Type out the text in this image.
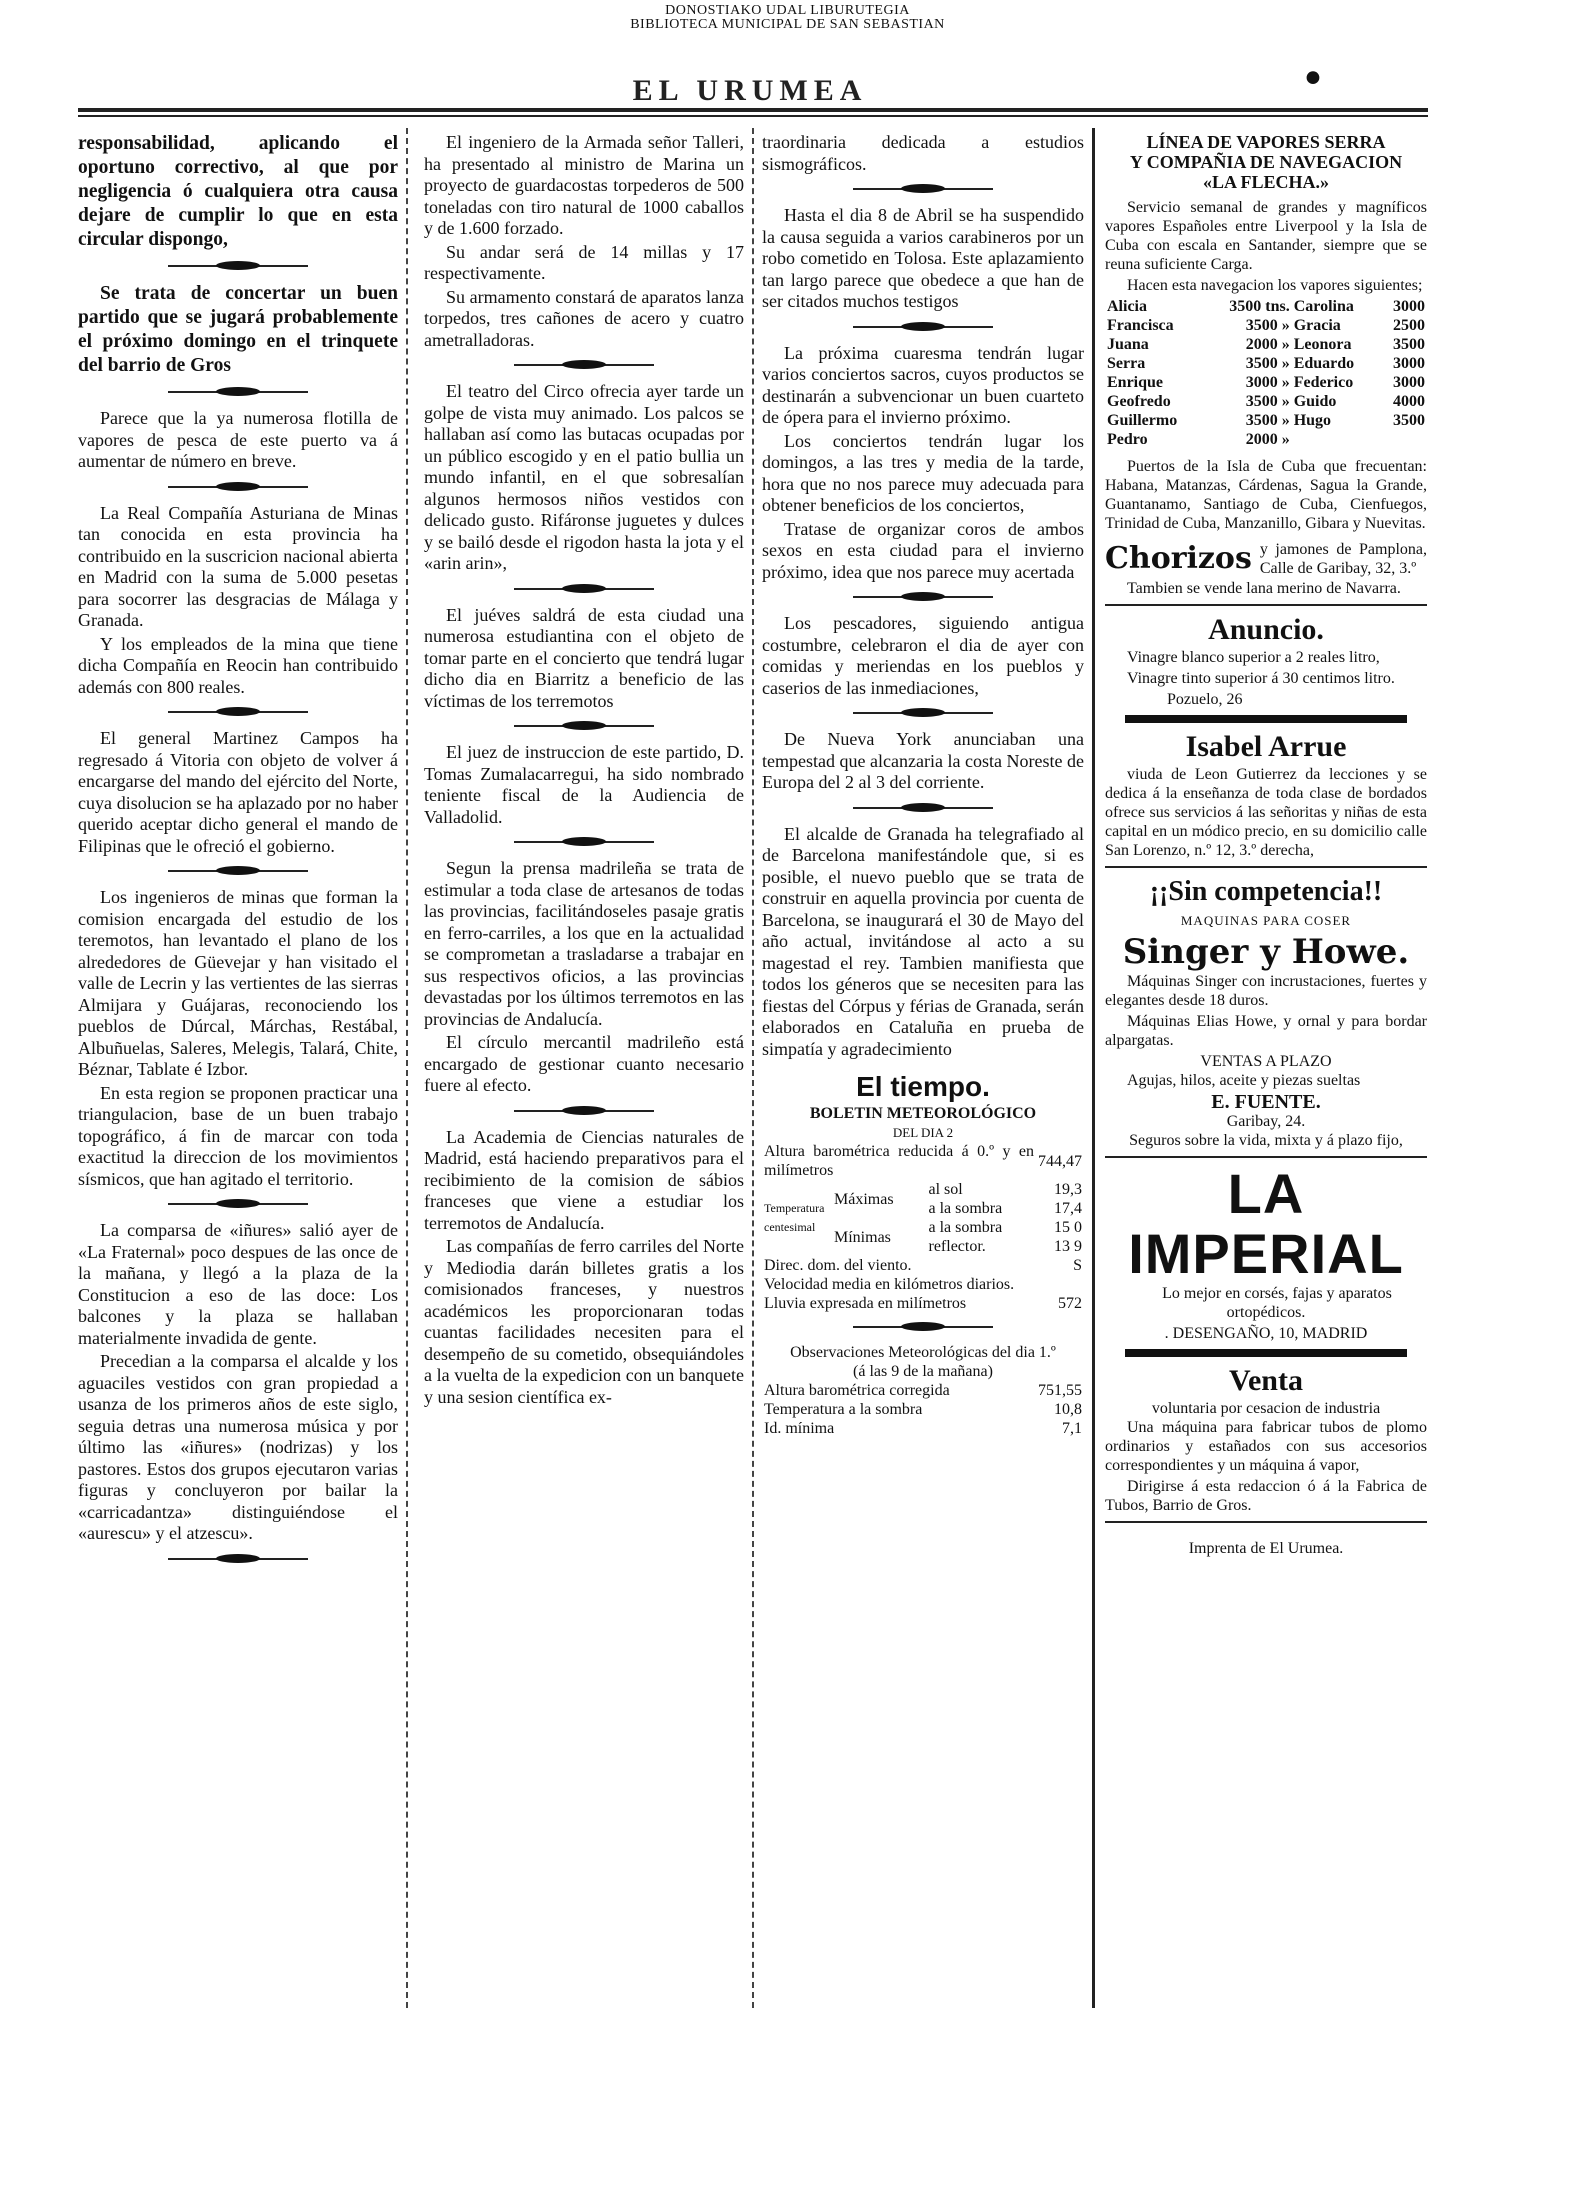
DONOSTIAKO UDAL LIBURUTEGIA
BIBLIOTECA MUNICIPAL DE SAN SEBASTIAN
EL URUMEA	•

responsabilidad, aplicando el oportuno correctivo, al que por negligencia ó cualquiera otra causa dejare de cumplir lo que en esta circular dispongo,

Se trata de concertar un buen partido que se jugará probablemente el próximo domingo en el trinquete del barrio de Gros

Parece que la ya numerosa flotilla de vapores de pesca de este puerto va á aumentar de número en breve.

La Real Compañía Asturiana de Minas tan conocida en esta provincia ha contribuido en la suscricion nacional abierta en Madrid con la suma de 5.000 pesetas para socorrer las desgracias de Málaga y Granada.

Y los empleados de la mina que tiene dicha Compañía en Reocin han contribuido además con 800 reales.

El general Martinez Campos ha regresado á Vitoria con objeto de volver á encargarse del mando del ejército del Norte, cuya disolucion se ha aplazado por no haber querido aceptar dicho general el mando de Filipinas que le ofreció el gobierno.

Los ingenieros de minas que forman la comision encargada del estudio de los teremotos, han levantado el plano de los alrededores de Güevejar y han visitado el valle de Lecrin y las vertientes de las sierras Almijara y Guájaras, reconociendo los pueblos de Dúrcal, Márchas, Restábal, Albuñuelas, Saleres, Melegis, Talará, Chite, Béznar, Tablate é Izbor.

En esta region se proponen practicar una triangulacion, base de un buen trabajo topográfico, á fin de marcar con toda exactitud la direccion de los movimientos sísmicos, que han agitado el territorio.

La comparsa de «iñures» salió ayer de «La Fraternal» poco despues de las once de la mañana, y llegó a la plaza de la Constitucion a eso de las doce: Los balcones y la plaza se hallaban materialmente invadida de gente.

Precedian a la comparsa el alcalde y los aguaciles vestidos con gran propiedad a usanza de los primeros años de este siglo, seguia detras una numerosa música y por último las «iñures» (nodrizas) y los pastores. Estos dos grupos ejecutaron varias figuras y concluyeron por bailar la «carricadantza» distinguiéndose el «aurescu» y el atzescu».

El ingeniero de la Armada señor Talleri, ha presentado al ministro de Marina un proyecto de guardacostas torpederos de 500 toneladas con tiro natural de 1000 caballos y de 1.600 forzado.

Su andar será de 14 millas y 17 respectivamente.

Su armamento constará de aparatos lanza torpedos, tres cañones de acero y cuatro ametralladoras.

El teatro del Circo ofrecia ayer tarde un golpe de vista muy animado. Los palcos se hallaban así como las butacas ocupadas por un público escogido y en el patio bullia un mundo infantil, en el que sobresalían algunos hermosos niños vestidos con delicado gusto. Rifáronse juguetes y dulces y se bailó desde el rigodon hasta la jota y el «arin arin»,

El juéves saldrá de esta ciudad una numerosa estudiantina con el objeto de tomar parte en el concierto que tendrá lugar dicho dia en Biarritz a beneficio de las víctimas de los terremotos

El juez de instruccion de este partido, D. Tomas Zumalacarregui, ha sido nombrado teniente fiscal de la Audiencia de Valladolid.

Segun la prensa madrileña se trata de estimular a toda clase de artesanos de todas las provincias, facilitándoseles pasaje gratis en ferro-carriles, a los que en la actualidad se comprometan a trasladarse a trabajar en sus respectivos oficios, a las provincias devastadas por los últimos terremotos en las provincias de Andalucía.

El círculo mercantil madrileño está encargado de gestionar cuanto necesario fuere al efecto.

La Academia de Ciencias naturales de Madrid, está haciendo preparativos para el recibimiento de la comision de sábios franceses que viene a estudiar los terremotos de Andalucía.

Las compañías de ferro carriles del Norte y Mediodia darán billetes gratis a los comisionados franceses, y nuestros académicos les proporcionaran todas cuantas facilidades necesiten para el desempeño de su cometido, obsequiándoles a la vuelta de la expedicion con un banquete y una sesion científica ex-

traordinaria dedicada a estudios sismográficos.

Hasta el dia 8 de Abril se ha suspendido la causa seguida a varios carabineros por un robo cometido en Tolosa. Este aplazamiento tan largo parece que obedece a que han de ser citados muchos testigos

La próxima cuaresma tendrán lugar varios conciertos sacros, cuyos productos se destinarán a subvencionar un buen cuarteto de ópera para el invierno próximo.

Los conciertos tendrán lugar los domingos, a las tres y media de la tarde, hora que no nos parece muy adecuada para obtener beneficios de los conciertos,

Tratase de organizar coros de ambos sexos en esta ciudad para el invierno próximo, idea que nos parece muy acertada

Los pescadores, siguiendo antigua costumbre, celebraron el dia de ayer con comidas y meriendas en los pueblos y caserios de las inmediaciones,

De Nueva York anunciaban una tempestad que alcanzaria la costa Noreste de Europa del 2 al 3 del corriente.

El alcalde de Granada ha telegrafiado al de Barcelona manifestándole que, si es posible, el nuevo pueblo que se trata de construir en aquella provincia por cuenta de Barcelona, se inaugurará el 30 de Mayo del año actual, invitándose al acto a su magestad el rey. Tambien manifiesta que todos los géneros que se necesiten para las fiestas del Córpus y férias de Granada, serán elaborados en Cataluña en prueba de simpatía y agradecimiento

El tiempo.
BOLETIN METEOROLÓGICO
DEL DIA 2
Altura barométrica reducida á 0.º y en milímetros			744,47
Temperatura centesimal	Máximas	al sol	19,3
		a la sombra	17,4
	Mínimas	a la sombra	15 0
		reflector.	13 9
Direc. dom. del viento.			S
Velocidad media en kilómetros diarios.			
Lluvia expresada en milímetros			572
Observaciones Meteorológicas del dia 1.º
(á las 9 de la mañana)
Altura barométrica corregida	751,55
Temperatura a la sombra	10,8
Id. mínima	7,1
LÍNEA DE VAPORES SERRA
Y COMPAÑIA DE NAVEGACION
«LA FLECHA.»

Servicio semanal de grandes y magníficos vapores Españoles entre Liverpool y la Isla de Cuba con escala en Santander, siempre que se reuna suficiente Carga.

Hacen esta navegacion los vapores siguientes;

Alicia	3500 tns.	Carolina	3000
Francisca	3500 »	Gracia	2500
Juana	2000 »	Leonora	3500
Serra	3500 »	Eduardo	3000
Enrique	3000 »	Federico	3000
Geofredo	3500 »	Guido	4000
Guillermo	3500 »	Hugo	3500
Pedro	2000 »		

Puertos de la Isla de Cuba que frecuentan: Habana, Matanzas, Cárdenas, Sagua la Grande, Guantanamo, Santiago de Cuba, Cienfuegos, Trinidad de Cuba, Manzanillo, Gibara y Nuevitas.

Chorizos y jamones de Pamplona, Calle de Garibay, 32, 3.º

Tambien se vende lana merino de Navarra.

Anuncio.

Vinagre blanco superior a 2 reales litro,

Vinagre tinto superior á 30 centimos litro.

Pozuelo, 26

Isabel Arrue

viuda de Leon Gutierrez da lecciones y se dedica á la enseñanza de toda clase de bordados ofrece sus servicios á las señoritas y niñas de esta capital en un módico precio, en su domicilio calle San Lorenzo, n.º 12, 3.º derecha,

¡¡Sin competencia!!
MAQUINAS PARA COSER
Singer y Howe.

Máquinas Singer con incrustaciones, fuertes y elegantes desde 18 duros.

Máquinas Elias Howe, y ornal y para bordar alpargatas.

VENTAS A PLAZO

Agujas, hilos, aceite y piezas sueltas

E. FUENTE.
Garibay, 24.
Seguros sobre la vida, mixta y á plazo fijo,
LA IMPERIAL

Lo mejor en corsés, fajas y aparatos ortopédicos.

. DESENGAÑO, 10, MADRID
Venta
voluntaria por cesacion de industria

Una máquina para fabricar tubos de plomo ordinarios y estañados con sus accesorios correspondientes y un máquina á vapor,

Dirigirse á esta redaccion ó á la Fabrica de Tubos, Barrio de Gros.

Imprenta de El Urumea.
